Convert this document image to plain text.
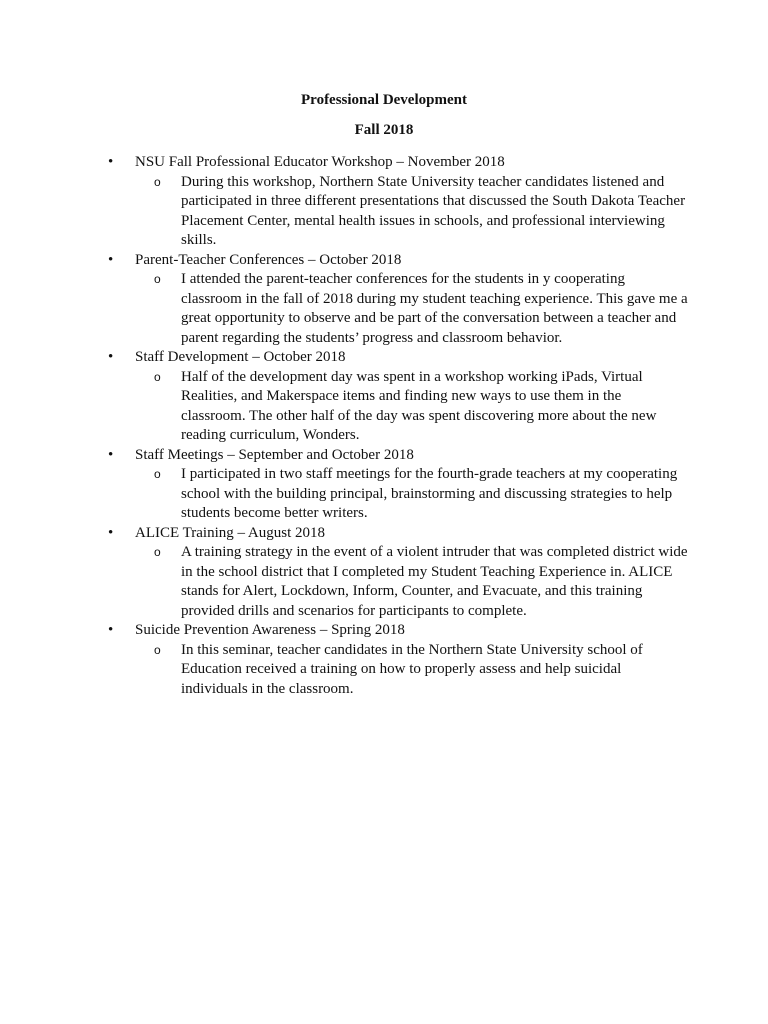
Professional Development

Fall 2018

• NSU Fall Professional Educator Workshop – November 2018
o During this workshop, Northern State University teacher candidates listened and participated in three different presentations that discussed the South Dakota Teacher Placement Center, mental health issues in schools, and professional interviewing skills.
• Parent-Teacher Conferences – October 2018
o I attended the parent-teacher conferences for the students in y cooperating classroom in the fall of 2018 during my student teaching experience. This gave me a great opportunity to observe and be part of the conversation between a teacher and parent regarding the students’ progress and classroom behavior.
• Staff Development – October 2018
o Half of the development day was spent in a workshop working iPads, Virtual Realities, and Makerspace items and finding new ways to use them in the classroom. The other half of the day was spent discovering more about the new reading curriculum, Wonders.
• Staff Meetings – September and October 2018
o I participated in two staff meetings for the fourth-grade teachers at my cooperating school with the building principal, brainstorming and discussing strategies to help students become better writers.
• ALICE Training – August 2018
o A training strategy in the event of a violent intruder that was completed district wide in the school district that I completed my Student Teaching Experience in. ALICE stands for Alert, Lockdown, Inform, Counter, and Evacuate, and this training provided drills and scenarios for participants to complete.
• Suicide Prevention Awareness – Spring 2018
o In this seminar, teacher candidates in the Northern State University school of Education received a training on how to properly assess and help suicidal individuals in the classroom.
